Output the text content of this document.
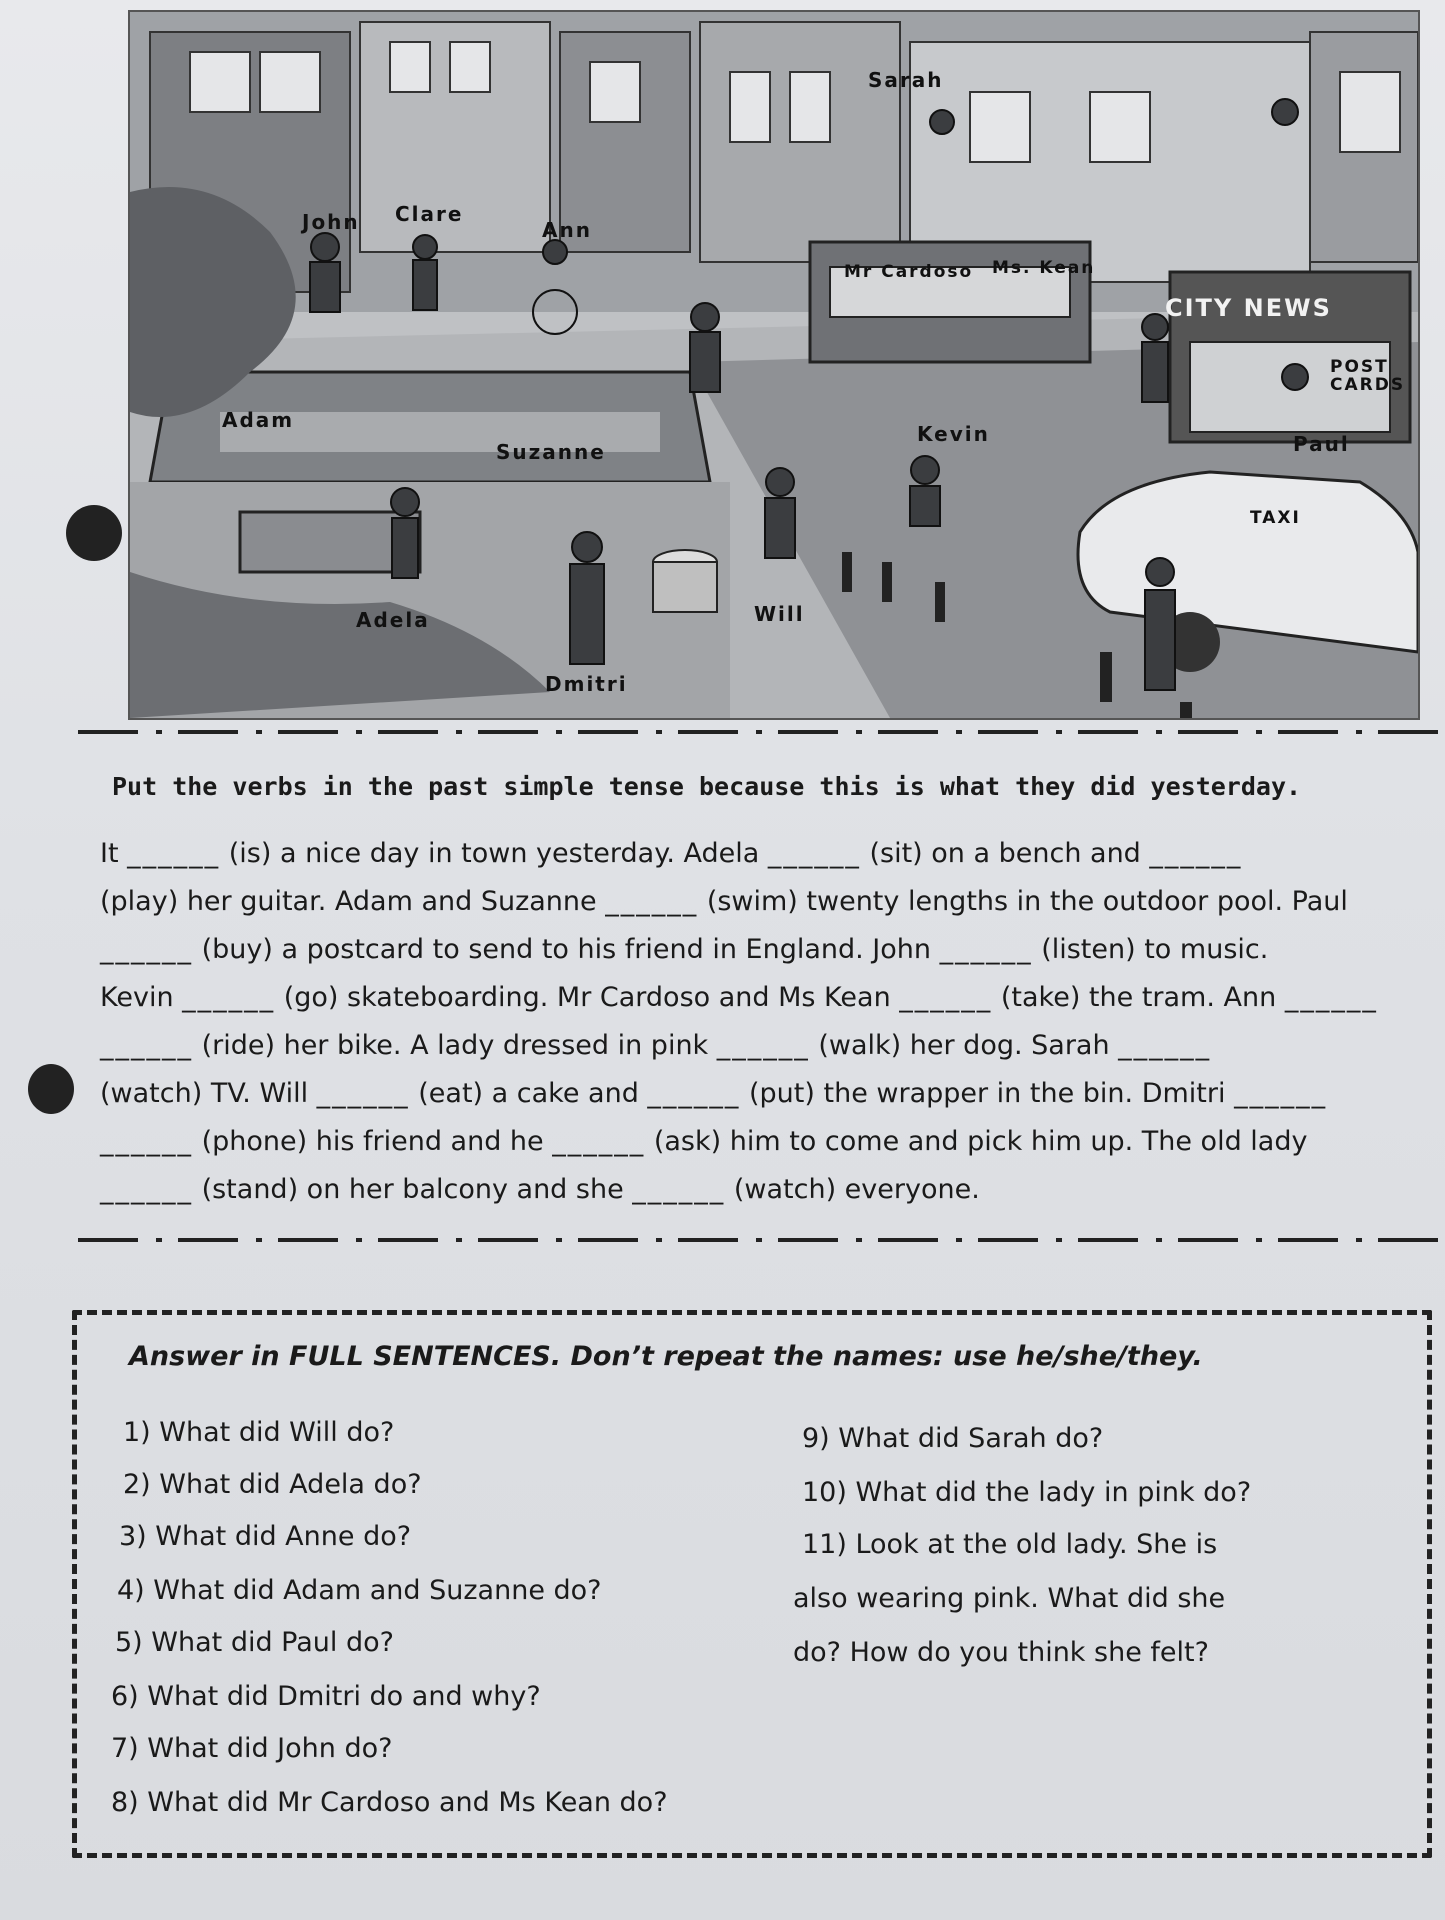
Sarah
John Clare
Ann
Mr Cardoso Ms. Kean
CITY NEWS
POST CARDS
Adam
Suzanne
Kevin	Paul
TAXI
Adela	Will
Dmitri
Put the verbs in the past simple tense because this is what they did yesterday.
It ______ (is) a nice day in town yesterday. Adela ______ (sit) on a bench and ______
(play) her guitar. Adam and Suzanne ______ (swim) twenty lengths in the outdoor pool. Paul
______ (buy) a postcard to send to his friend in England. John ______ (listen) to music.
Kevin ______ (go) skateboarding. Mr Cardoso and Ms Kean ______ (take) the tram. Ann ______
______ (ride) her bike. A lady dressed in pink ______ (walk) her dog. Sarah ______
(watch) TV. Will ______ (eat) a cake and ______ (put) the wrapper in the bin. Dmitri ______
______ (phone) his friend and he ______ (ask) him to come and pick him up. The old lady
______ (stand) on her balcony and she ______ (watch) everyone.
Answer in FULL SENTENCES. Don’t repeat the names: use he/she/they.
1) What did Will do?
2) What did Adela do?
3) What did Anne do?
4) What did Adam and Suzanne do?
5) What did Paul do?
6) What did Dmitri do and why?
7) What did John do?
8) What did Mr Cardoso and Ms Kean do?
9) What did Sarah do?
10) What did the lady in pink do?
11) Look at the old lady. She is
also wearing pink. What did she
do? How do you think she felt?
